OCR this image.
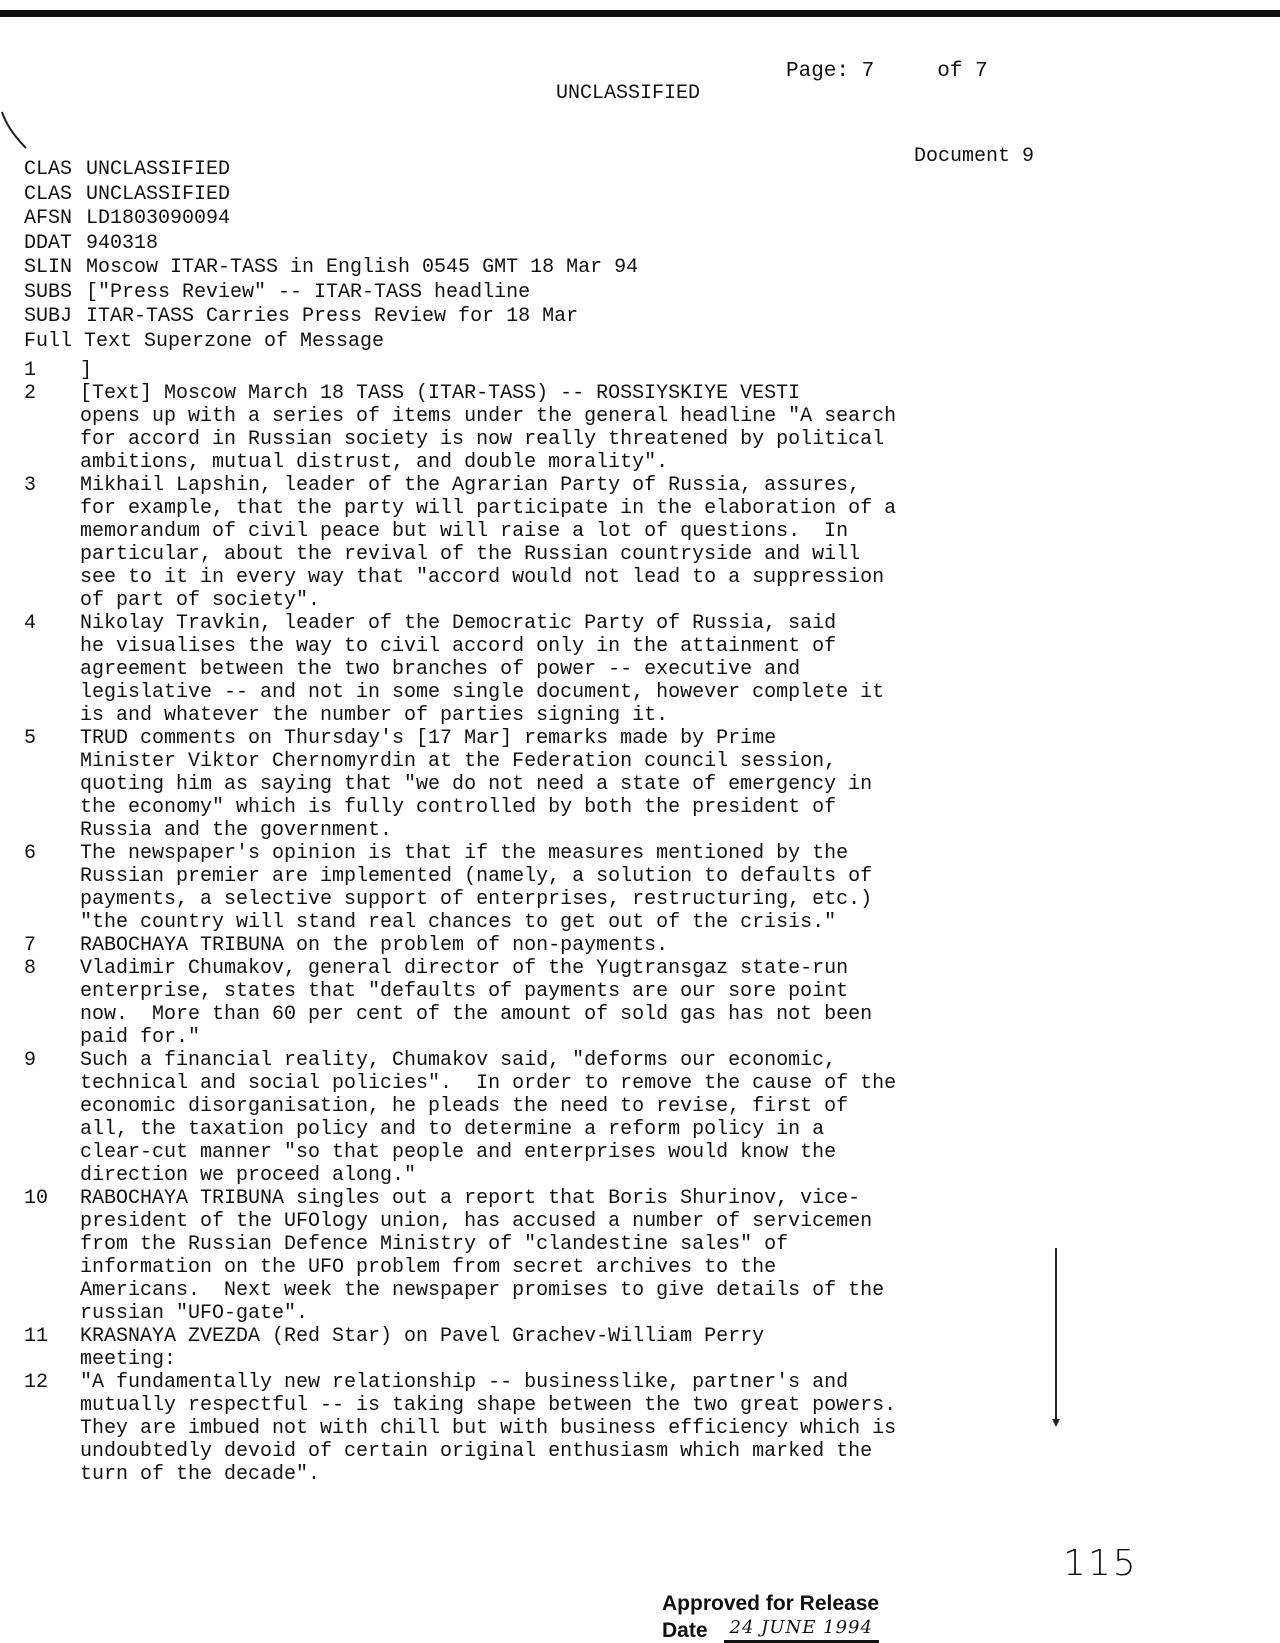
Page: 7	of 7
UNCLASSIFIED
Document 9
CLAS UNCLASSIFIED
CLAS UNCLASSIFIED
AFSN LD1803090094
DDAT 940318
SLIN Moscow ITAR-TASS in English 0545 GMT 18 Mar 94
SUBS ["Press Review" -- ITAR-TASS headline
SUBJ ITAR-TASS Carries Press Review for 18 Mar
Full Text Superzone of Message
1	]
2	[Text] Moscow March 18 TASS (ITAR-TASS) -- ROSSIYSKIYE VESTI
opens up with a series of items under the general headline "A search
for accord in Russian society is now really threatened by political
ambitions, mutual distrust, and double morality".
3	Mikhail Lapshin, leader of the Agrarian Party of Russia, assures,
for example, that the party will participate in the elaboration of a
memorandum of civil peace but will raise a lot of questions.  In
particular, about the revival of the Russian countryside and will
see to it in every way that "accord would not lead to a suppression
of part of society".
4	Nikolay Travkin, leader of the Democratic Party of Russia, said
he visualises the way to civil accord only in the attainment of
agreement between the two branches of power -- executive and
legislative -- and not in some single document, however complete it
is and whatever the number of parties signing it.
5	TRUD comments on Thursday's [17 Mar] remarks made by Prime
Minister Viktor Chernomyrdin at the Federation council session,
quoting him as saying that "we do not need a state of emergency in
the economy" which is fully controlled by both the president of
Russia and the government.
6	The newspaper's opinion is that if the measures mentioned by the
Russian premier are implemented (namely, a solution to defaults of
payments, a selective support of enterprises, restructuring, etc.)
"the country will stand real chances to get out of the crisis."
7	RABOCHAYA TRIBUNA on the problem of non-payments.
8	Vladimir Chumakov, general director of the Yugtransgaz state-run
enterprise, states that "defaults of payments are our sore point
now.  More than 60 per cent of the amount of sold gas has not been
paid for."
9	Such a financial reality, Chumakov said, "deforms our economic,
technical and social policies".  In order to remove the cause of the
economic disorganisation, he pleads the need to revise, first of
all, the taxation policy and to determine a reform policy in a
clear-cut manner "so that people and enterprises would know the
direction we proceed along."
10	RABOCHAYA TRIBUNA singles out a report that Boris Shurinov, vice-
president of the UFOlogy union, has accused a number of servicemen
from the Russian Defence Ministry of "clandestine sales" of
information on the UFO problem from secret archives to the
Americans.  Next week the newspaper promises to give details of the
russian "UFO-gate".
11	KRASNAYA ZVEZDA (Red Star) on Pavel Grachev-William Perry
meeting:
12	"A fundamentally new relationship -- businesslike, partner's and
mutually respectful -- is taking shape between the two great powers.
They are imbued not with chill but with business efficiency which is
undoubtedly devoid of certain original enthusiasm which marked the
turn of the decade".
115
Approved for Release
Date	24 JUNE 1994
